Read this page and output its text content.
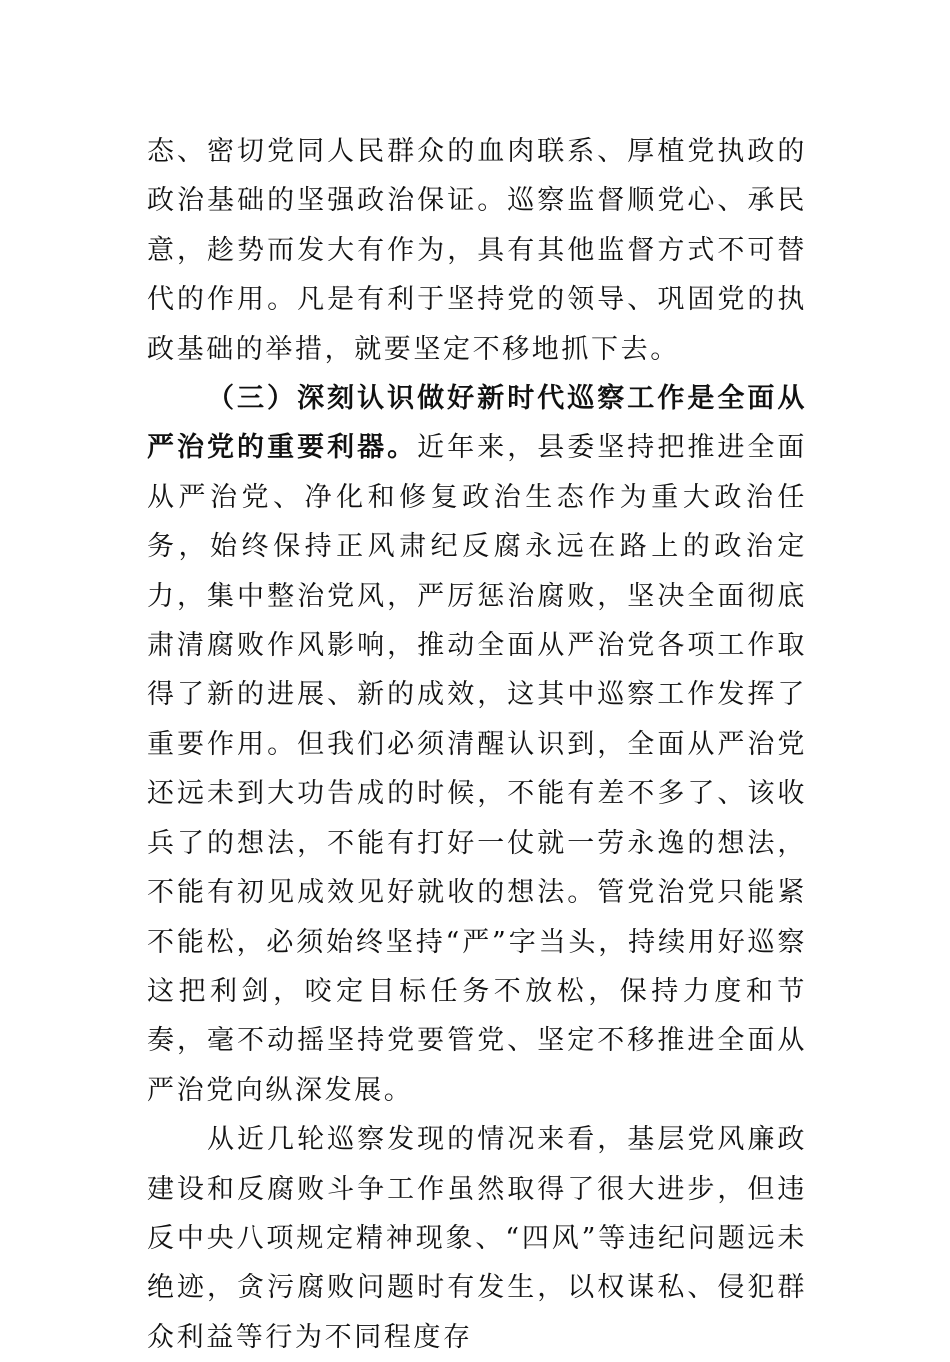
态、密切党同人民群众的血肉联系、厚植党执政的政治基础的坚强政治保证。巡察监督顺党心、承民意，趁势而发大有作为，具有其他监督方式不可替代的作用。凡是有利于坚持党的领导、巩固党的执政基础的举措，就要坚定不移地抓下去。

（三）深刻认识做好新时代巡察工作是全面从严治党的重要利器。近年来，县委坚持把推进全面从严治党、净化和修复政治生态作为重大政治任务，始终保持正风肃纪反腐永远在路上的政治定力，集中整治党风，严厉惩治腐败，坚决全面彻底肃清腐败作风影响，推动全面从严治党各项工作取得了新的进展、新的成效，这其中巡察工作发挥了重要作用。但我们必须清醒认识到，全面从严治党还远未到大功告成的时候，不能有差不多了、该收兵了的想法，不能有打好一仗就一劳永逸的想法，不能有初见成效见好就收的想法。管党治党只能紧不能松，必须始终坚持“严”字当头，持续用好巡察这把利剑，咬定目标任务不放松，保持力度和节奏，毫不动摇坚持党要管党、坚定不移推进全面从严治党向纵深发展。

从近几轮巡察发现的情况来看，基层党风廉政建设和反腐败斗争工作虽然取得了很大进步，但违反中央八项规定精神现象、“四风”等违纪问题远未绝迹，贪污腐败问题时有发生，以权谋私、侵犯群众利益等行为不同程度存
